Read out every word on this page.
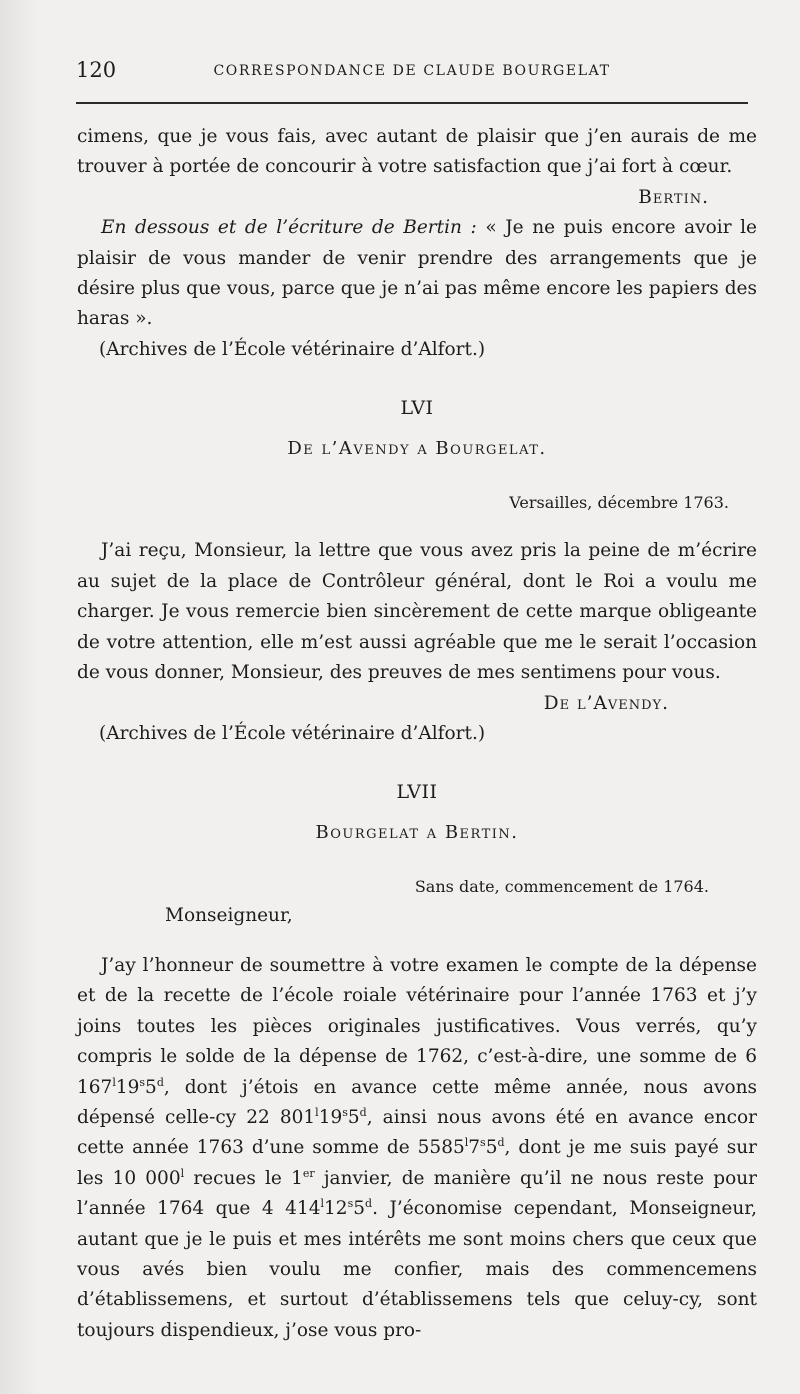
120	CORRESPONDANCE DE CLAUDE BOURGELAT

cimens, que je vous fais, avec autant de plaisir que j’en aurais de me trouver à portée de concourir à votre satisfaction que j’ai fort à cœur.

Bertin.

En dessous et de l’écriture de Bertin : « Je ne puis encore avoir le plaisir de vous mander de venir prendre des arrangements que je désire plus que vous, parce que je n’ai pas même encore les papiers des haras ».

(Archives de l’École vétérinaire d’Alfort.)

LVI

De l’Avendy a Bourgelat.

Versailles, décembre 1763.

J’ai reçu, Monsieur, la lettre que vous avez pris la peine de m’écrire au sujet de la place de Contrôleur général, dont le Roi a voulu me charger. Je vous remercie bien sincèrement de cette marque obligeante de votre attention, elle m’est aussi agréable que me le serait l’occasion de vous donner, Monsieur, des preuves de mes sentimens pour vous.

De l’Avendy.

(Archives de l’École vétérinaire d’Alfort.)

LVII

Bourgelat a Bertin.

Sans date, commencement de 1764.

Monseigneur,

J’ay l’honneur de soumettre à votre examen le compte de la dépense et de la recette de l’école roiale vétérinaire pour l’année 1763 et j’y joins toutes les pièces originales justificatives. Vous verrés, qu’y compris le solde de la dépense de 1762, c’est-à-dire, une somme de 6 167$^l$19$^s$5$^d$, dont j’étois en avance cette même année, nous avons dépensé celle-cy 22 801$^l$19$^s$5$^d$, ainsi nous avons été en avance encor cette année 1763 d’une somme de 5585$^l$7$^s$5$^d$, dont je me suis payé sur les 10 000$^l$ recues le 1er janvier, de manière qu’il ne nous reste pour l’année 1764 que 4 414$^l$12$^s$5$^d$. J’économise cependant, Monseigneur, autant que je le puis et mes intérêts me sont moins chers que ceux que vous avés bien voulu me confier, mais des commencemens d’établissemens, et surtout d’établissemens tels que celuy-cy, sont toujours dispendieux, j’ose vous pro-
